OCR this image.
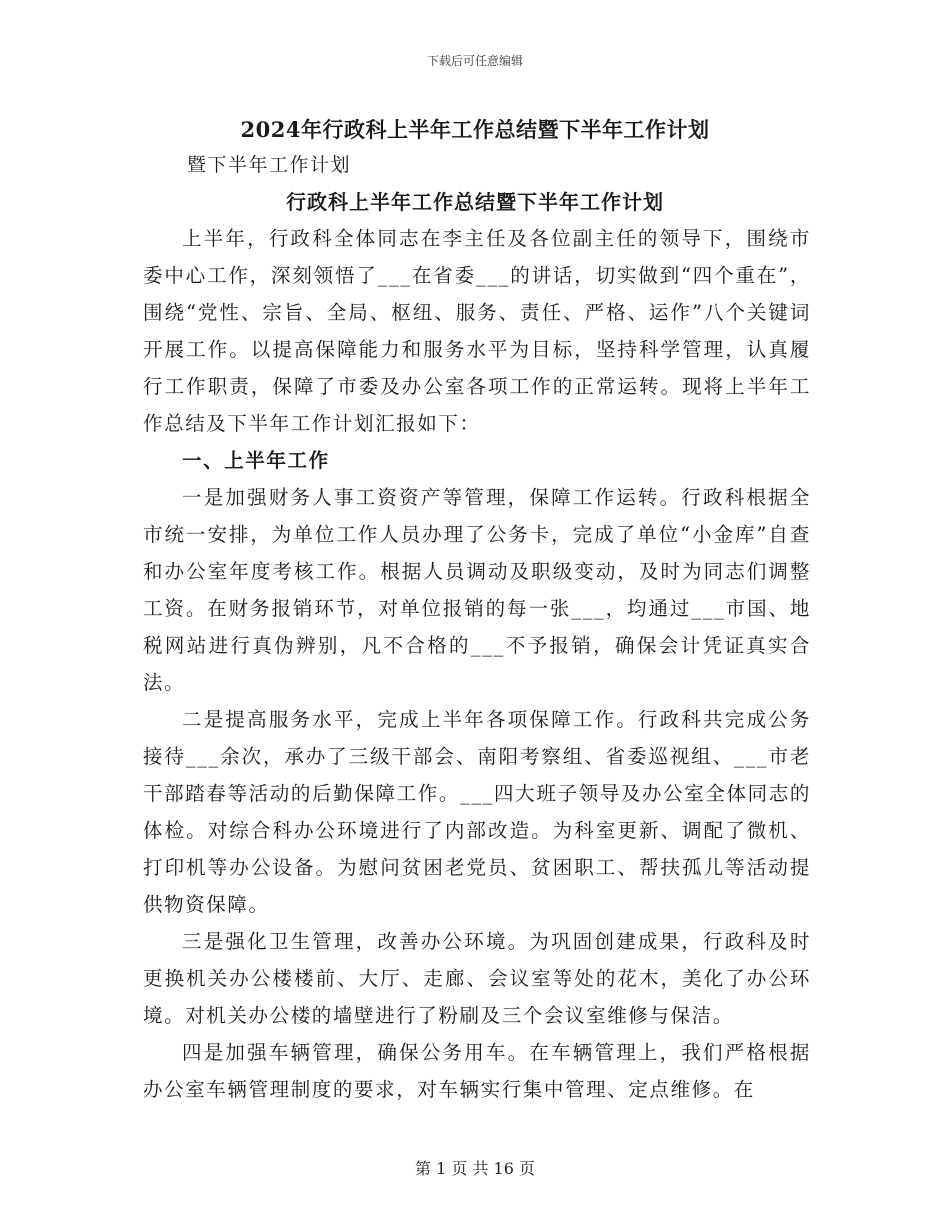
下载后可任意编辑
2024年行政科上半年工作总结暨下半年工作计划
暨下半年工作计划
行政科上半年工作总结暨下半年工作计划

上半年，行政科全体同志在李主任及各位副主任的领导下，围绕市委中心工作，深刻领悟了___在省委___的讲话，切实做到“四个重在”，围绕“党性、宗旨、全局、枢纽、服务、责任、严格、运作”八个关键词开展工作。以提高保障能力和服务水平为目标，坚持科学管理，认真履行工作职责，保障了市委及办公室各项工作的正常运转。现将上半年工作总结及下半年工作计划汇报如下：

一、上半年工作

一是加强财务人事工资资产等管理，保障工作运转。行政科根据全市统一安排，为单位工作人员办理了公务卡，完成了单位“小金库”自查和办公室年度考核工作。根据人员调动及职级变动，及时为同志们调整工资。在财务报销环节，对单位报销的每一张___，均通过___市国、地税网站进行真伪辨别，凡不合格的___不予报销，确保会计凭证真实合法。

二是提高服务水平，完成上半年各项保障工作。行政科共完成公务接待___余次，承办了三级干部会、南阳考察组、省委巡视组、___市老干部踏春等活动的后勤保障工作。___四大班子领导及办公室全体同志的体检。对综合科办公环境进行了内部改造。为科室更新、调配了微机、打印机等办公设备。为慰问贫困老党员、贫困职工、帮扶孤儿等活动提供物资保障。

三是强化卫生管理，改善办公环境。为巩固创建成果，行政科及时更换机关办公楼楼前、大厅、走廊、会议室等处的花木，美化了办公环境。对机关办公楼的墙壁进行了粉刷及三个会议室维修与保洁。

四是加强车辆管理，确保公务用车。在车辆管理上，我们严格根据办公室车辆管理制度的要求，对车辆实行集中管理、定点维修。在

第 1 页 共 16 页
